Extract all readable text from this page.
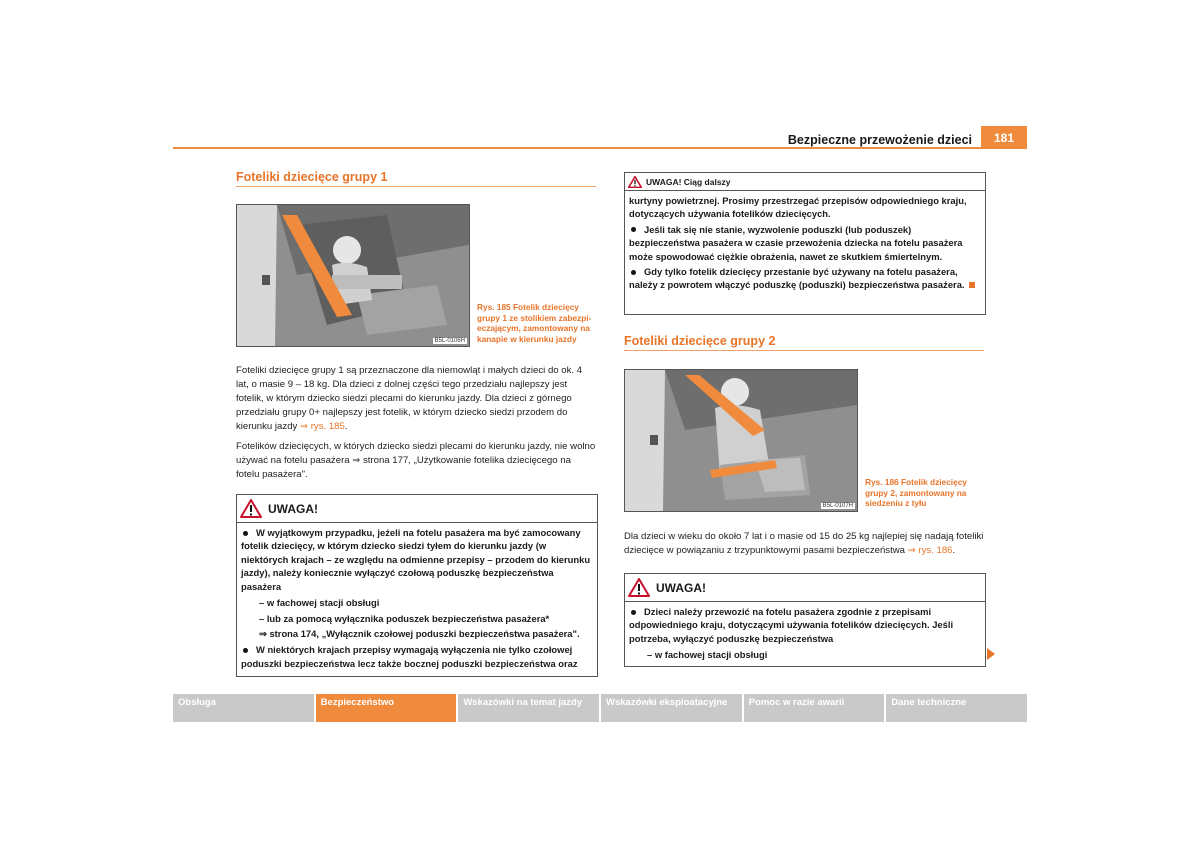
Bezpieczne przewożenie dzieci	181
Foteliki dziecięce grupy 1
B5L-0106H
Rys. 185 Fotelik dziecięcy
grupy 1 ze stolikiem zabezpi-
eczającym, zamontowany na
kanapie w kierunku jazdy

Foteliki dziecięce grupy 1 są przeznaczone dla niemowląt i małych dzieci do ok. 4 lat, o masie 9 – 18 kg. Dla dzieci z dolnej części tego przedziału najlepszy jest fotelik, w którym dziecko siedzi plecami do kierunku jazdy. Dla dzieci z górnego przedziału grupy 0+ najlepszy jest fotelik, w którym dziecko siedzi przodem do kierunku jazdy ⇒ rys. 185.

Fotelików dziecięcych, w których dziecko siedzi plecami do kierunku jazdy, nie wolno używać na fotelu pasażera ⇒ strona 177, „Użytkowanie fotelika dziecięcego na fotelu pasażera".

UWAGA!
W wyjątkowym przypadku, jeżeli na fotelu pasażera ma być zamocowany fotelik dziecięcy, w którym dziecko siedzi tyłem do kierunku jazdy (w niektórych krajach – ze względu na odmienne przepisy – przodem do kierunku jazdy), należy koniecznie wyłączyć czołową poduszkę bezpieczeństwa pasażera
– w fachowej stacji obsługi
– lub za pomocą wyłącznika poduszek bezpieczeństwa pasażera*
⇒ strona 174, „Wyłącznik czołowej poduszki bezpieczeństwa pasażera".
W niektórych krajach przepisy wymagają wyłączenia nie tylko czołowej poduszki bezpieczeństwa lecz także bocznej poduszki bezpieczeństwa oraz
UWAGA! Ciąg dalszy
kurtyny powietrznej. Prosimy przestrzegać przepisów odpowiedniego kraju, dotyczących używania fotelików dziecięcych.
Jeśli tak się nie stanie, wyzwolenie poduszki (lub poduszek) bezpieczeństwa pasażera w czasie przewożenia dziecka na fotelu pasażera może spowodować ciężkie obrażenia, nawet ze skutkiem śmiertelnym.
Gdy tylko fotelik dziecięcy przestanie być używany na fotelu pasażera, należy z powrotem włączyć poduszkę (poduszki) bezpieczeństwa pasażera.
Foteliki dziecięce grupy 2
B5L-0107H
Rys. 186 Fotelik dziecięcy
grupy 2, zamontowany na
siedzeniu z tyłu

Dla dzieci w wieku do około 7 lat i o masie od 15 do 25 kg najlepiej się nadają foteliki dziecięce w powiązaniu z trzypunktowymi pasami bezpieczeństwa ⇒ rys. 186.

UWAGA!
Dzieci należy przewozić na fotelu pasażera zgodnie z przepisami odpowiedniego kraju, dotyczącymi używania fotelików dziecięcych. Jeśli potrzeba, wyłączyć poduszkę bezpieczeństwa
– w fachowej stacji obsługi
Obsługa	Bezpieczeństwo	Wskazówki na temat jazdy	Wskazówki eksploatacyjne	Pomoc w razie awarii	Dane techniczne
